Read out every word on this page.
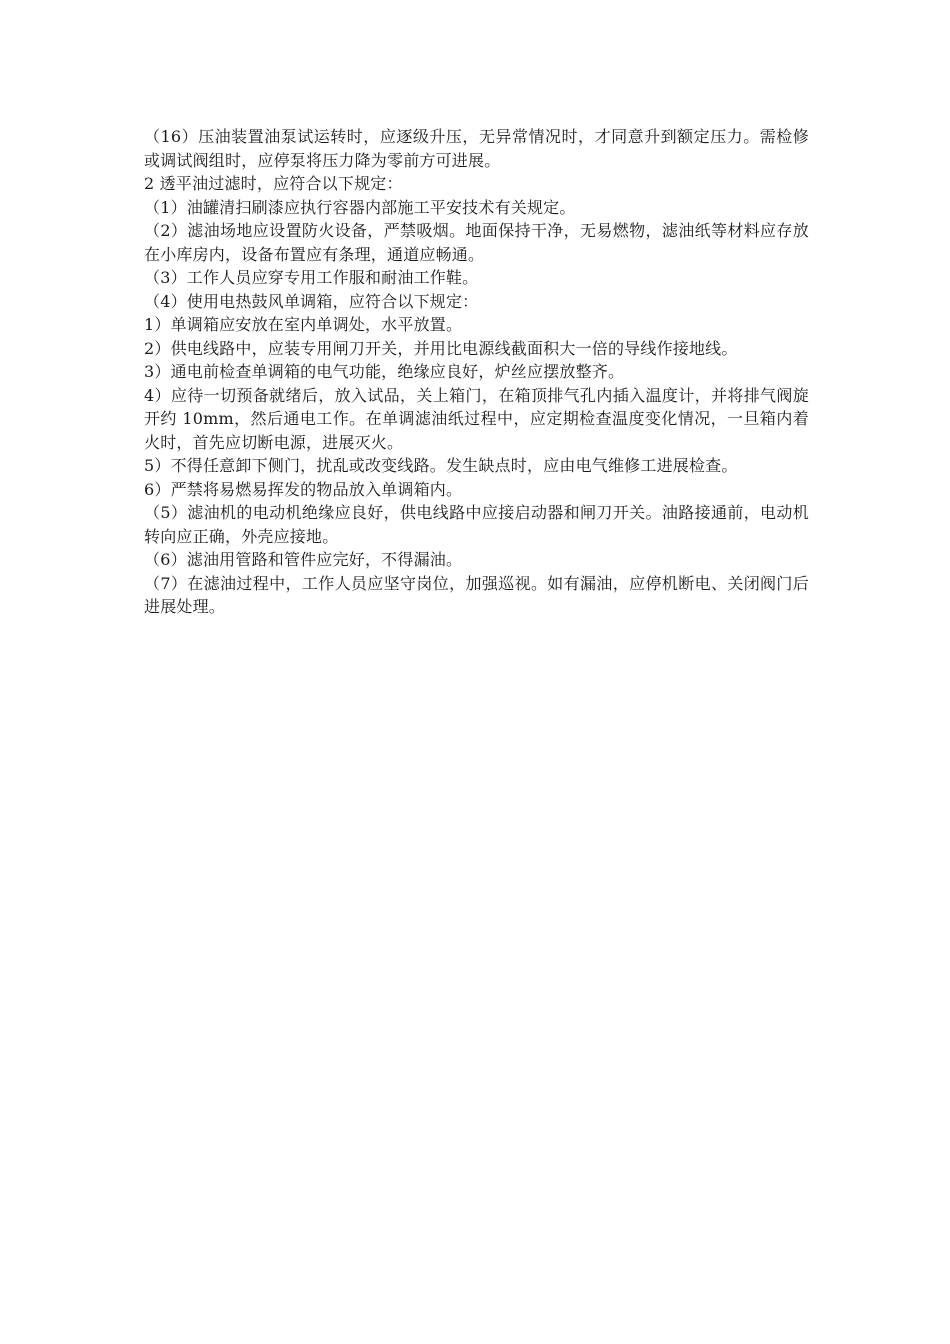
（16）压油装置油泵试运转时，应逐级升压，无异常情况时，才同意升到额定压力。需检修或调试阀组时，应停泵将压力降为零前方可进展。

2 透平油过滤时，应符合以下规定：

（1）油罐清扫刷漆应执行容器内部施工平安技术有关规定。

（2）滤油场地应设置防火设备，严禁吸烟。地面保持干净，无易燃物，滤油纸等材料应存放在小库房内，设备布置应有条理，通道应畅通。

（3）工作人员应穿专用工作服和耐油工作鞋。

（4）使用电热鼓风单调箱，应符合以下规定：

1）单调箱应安放在室内单调处，水平放置。

2）供电线路中，应装专用闸刀开关，并用比电源线截面积大一倍的导线作接地线。

3）通电前检查单调箱的电气功能，绝缘应良好，炉丝应摆放整齐。

4）应待一切预备就绪后，放入试品，关上箱门，在箱顶排气孔内插入温度计，并将排气阀旋开约 10mm，然后通电工作。在单调滤油纸过程中，应定期检查温度变化情况，一旦箱内着火时，首先应切断电源，进展灭火。

5）不得任意卸下侧门，扰乱或改变线路。发生缺点时，应由电气维修工进展检查。

6）严禁将易燃易挥发的物品放入单调箱内。

（5）滤油机的电动机绝缘应良好，供电线路中应接启动器和闸刀开关。油路接通前，电动机转向应正确，外壳应接地。

（6）滤油用管路和管件应完好，不得漏油。

（7）在滤油过程中，工作人员应坚守岗位，加强巡视。如有漏油，应停机断电、关闭阀门后进展处理。
